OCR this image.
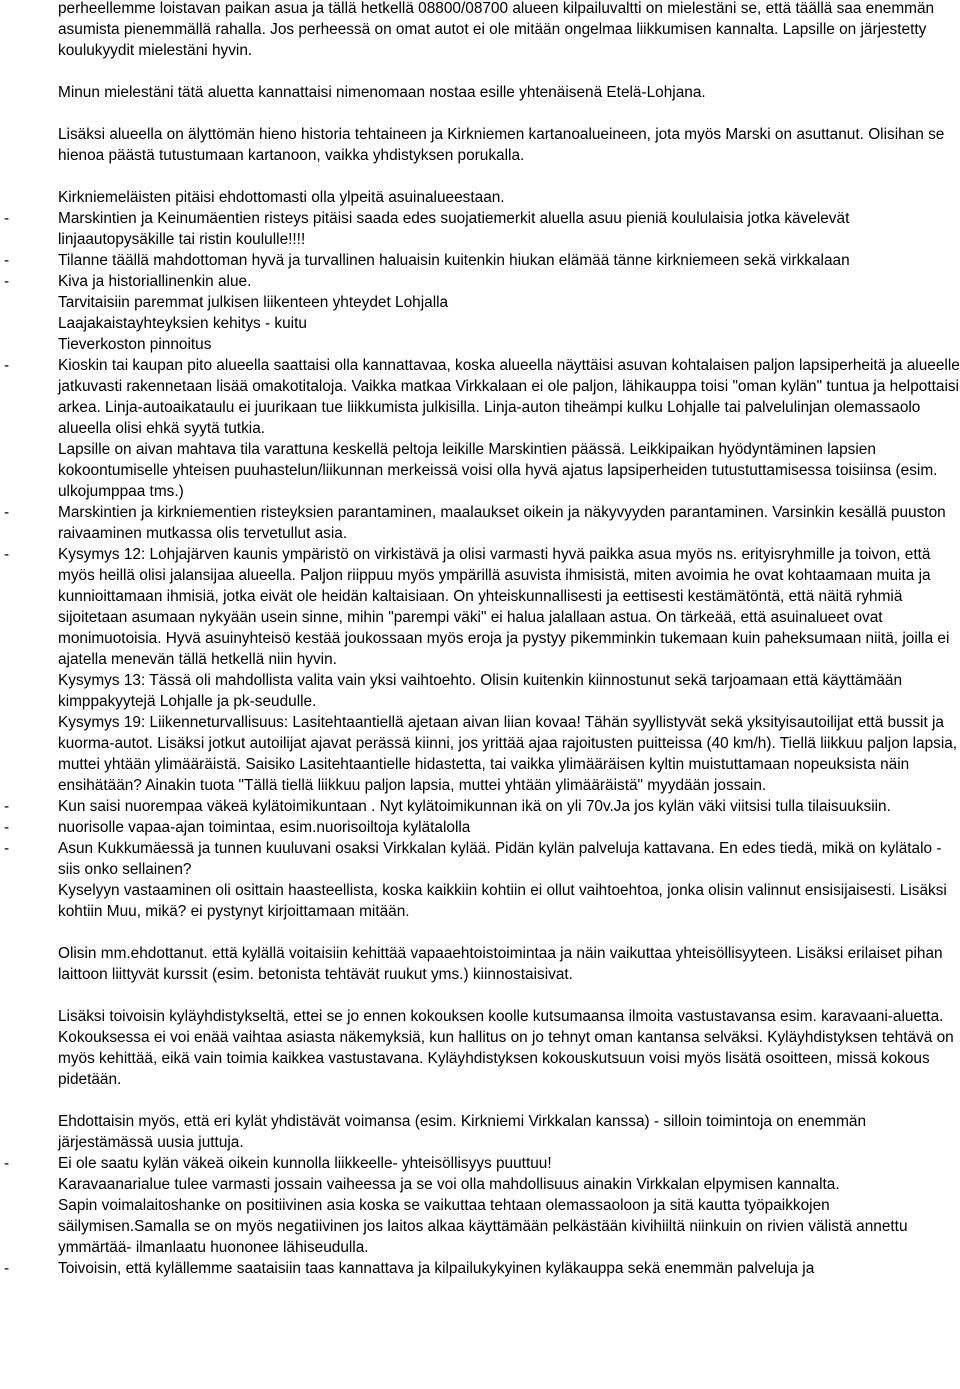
perheellemme loistavan paikan asua ja tällä hetkellä 08800/08700 alueen kilpailuvaltti on mielestäni se, että täällä saa enemmän asumista pienemmällä rahalla. Jos perheessä on omat autot ei ole mitään ongelmaa liikkumisen kannalta. Lapsille on järjestetty koulukyydit mielestäni hyvin.
Minun mielestäni tätä aluetta kannattaisi nimenomaan nostaa esille yhtenäisenä Etelä-Lohjana.
Lisäksi alueella on älyttömän hieno historia tehtaineen ja Kirkniemen kartanoalueineen, jota myös Marski on asuttanut. Olisihan se hienoa päästä tutustumaan kartanoon, vaikka yhdistyksen porukalla.
Kirkniemeläisten pitäisi ehdottomasti olla ylpeitä asuinalueestaan.
-	Marskintien ja Keinumäentien risteys pitäisi saada edes suojatiemerkit aluella asuu pieniä koululaisia jotka kävelevät linjaautopysäkille tai ristin koululle!!!!
-	Tilanne täällä mahdottoman hyvä ja turvallinen haluaisin kuitenkin hiukan elämää tänne kirkniemeen sekä virkkalaan
-	Kiva ja historiallinenkin alue.
Tarvitaisiin paremmat julkisen liikenteen yhteydet Lohjalla
Laajakaistayhteyksien kehitys - kuitu
Tieverkoston pinnoitus
-	Kioskin tai kaupan pito alueella saattaisi olla kannattavaa, koska alueella näyttäisi asuvan kohtalaisen paljon lapsiperheitä ja alueelle jatkuvasti rakennetaan lisää omakotitaloja. Vaikka matkaa Virkkalaan ei ole paljon, lähikauppa toisi "oman kylän" tuntua ja helpottaisi arkea. Linja-autoaikataulu ei juurikaan tue liikkumista julkisilla. Linja-auton tiheämpi kulku Lohjalle tai palvelulinjan olemassaolo alueella olisi ehkä syytä tutkia.
Lapsille on aivan mahtava tila varattuna keskellä peltoja leikille Marskintien päässä. Leikkipaikan hyödyntäminen lapsien kokoontumiselle yhteisen puuhastelun/liikunnan merkeissä voisi olla hyvä ajatus lapsiperheiden tutustuttamisessa toisiinsa (esim. ulkojumppaa tms.)
-	Marskintien ja kirkniementien risteyksien parantaminen, maalaukset oikein ja näkyvyyden parantaminen. Varsinkin kesällä puuston raivaaminen mutkassa olis tervetullut asia.
-	Kysymys 12: Lohjajärven kaunis ympäristö on virkistävä ja olisi varmasti hyvä paikka asua myös ns. erityisryhmille ja toivon, että myös heillä olisi jalansijaa alueella. Paljon riippuu myös ympärillä asuvista ihmisistä, miten avoimia he ovat kohtaamaan muita ja kunnioittamaan ihmisiä, jotka eivät ole heidän kaltaisiaan. On yhteiskunnallisesti ja eettisesti kestämätöntä, että näitä ryhmiä sijoitetaan asumaan nykyään usein sinne, mihin "parempi väki" ei halua jalallaan astua. On tärkeää, että asuinalueet ovat monimuotoisia. Hyvä asuinyhteisö kestää joukossaan myös eroja ja pystyy pikemminkin tukemaan kuin paheksumaan niitä, joilla ei ajatella menevän tällä hetkellä niin hyvin.
Kysymys 13: Tässä oli mahdollista valita vain yksi vaihtoehto. Olisin kuitenkin kiinnostunut sekä tarjoamaan että käyttämään kimppakyytejä Lohjalle ja pk-seudulle.
Kysymys 19: Liikenneturvallisuus: Lasitehtaantiellä ajetaan aivan liian kovaa! Tähän syyllistyvät sekä yksityisautoilijat että bussit ja kuorma-autot. Lisäksi jotkut autoilijat ajavat perässä kiinni, jos yrittää ajaa rajoitusten puitteissa (40 km/h). Tiellä liikkuu paljon lapsia, muttei yhtään ylimääräistä. Saisiko Lasitehtaantielle hidastetta, tai vaikka ylimääräisen kyltin muistuttamaan nopeuksista näin ensihätään? Ainakin tuota "Tällä tiellä liikkuu paljon lapsia, muttei yhtään ylimääräistä" myydään jossain.
-	Kun saisi nuorempaa väkeä kylätoimikuntaan . Nyt kylätoimikunnan ikä on yli 70v.Ja jos kylän väki viitsisi tulla tilaisuuksiin.
-	nuorisolle vapaa-ajan toimintaa, esim.nuorisoiltoja kylätalolla
-	Asun Kukkumäessä ja tunnen kuuluvani osaksi Virkkalan kylää. Pidän kylän palveluja kattavana. En edes tiedä, mikä on kylätalo - siis onko sellainen?
Kyselyyn vastaaminen oli osittain haasteellista, koska kaikkiin kohtiin ei ollut vaihtoehtoa, jonka olisin valinnut ensisijaisesti. Lisäksi kohtiin Muu, mikä? ei pystynyt kirjoittamaan mitään.
Olisin mm.ehdottanut. että kylällä voitaisiin kehittää vapaaehtoistoimintaa ja näin vaikuttaa yhteisöllisyyteen. Lisäksi erilaiset pihan laittoon liittyvät kurssit (esim. betonista tehtävät ruukut yms.) kiinnostaisivat.
Lisäksi toivoisin kyläyhdistykseltä, ettei se jo ennen kokouksen koolle kutsumaansa ilmoita vastustavansa esim. karavaani-aluetta. Kokouksessa ei voi enää vaihtaa asiasta näkemyksiä, kun hallitus on jo tehnyt oman kantansa selväksi. Kyläyhdistyksen tehtävä on myös kehittää, eikä vain toimia kaikkea vastustavana. Kyläyhdistyksen kokouskutsuun voisi myös lisätä osoitteen, missä kokous pidetään.
Ehdottaisin myös, että eri kylät yhdistävät voimansa (esim. Kirkniemi Virkkalan kanssa) - silloin toimintoja on enemmän järjestämässä uusia juttuja.
-	Ei ole saatu kylän väkeä oikein kunnolla liikkeelle- yhteisöllisyys puuttuu!
Karavaanarialue tulee varmasti jossain vaiheessa ja se voi olla mahdollisuus ainakin Virkkalan elpymisen kannalta.
Sapin voimalaitoshanke on positiivinen asia koska se vaikuttaa tehtaan olemassaoloon ja sitä kautta työpaikkojen säilymisen.Samalla se on myös negatiivinen jos laitos alkaa käyttämään pelkästään kivihiiltä niinkuin on rivien välistä annettu ymmärtää- ilmanlaatu huononee lähiseudulla.
-	Toivoisin, että kylällemme saataisiin taas kannattava ja kilpailukykyinen kyläkauppa sekä enemmän palveluja ja
